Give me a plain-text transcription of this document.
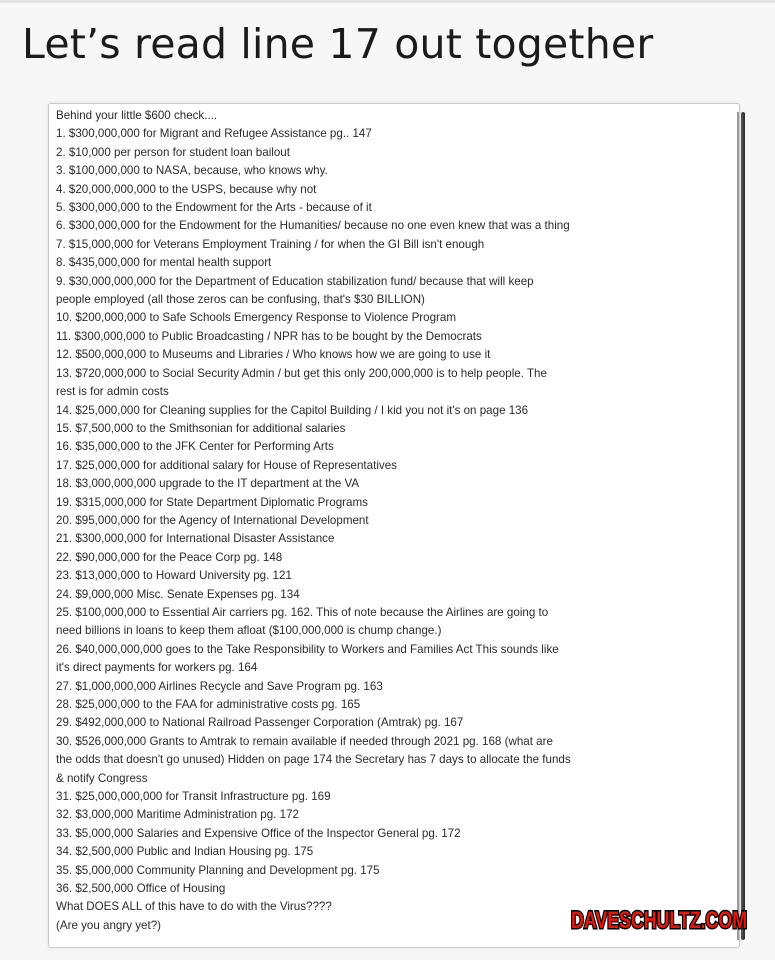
Let’s read line 17 out together
Behind your little $600 check....
1. $300,000,000 for Migrant and Refugee Assistance pg.. 147
2. $10,000 per person for student loan bailout
3. $100,000,000 to NASA, because, who knows why.
4. $20,000,000,000 to the USPS, because why not
5. $300,000,000 to the Endowment for the Arts - because of it
6. $300,000,000 for the Endowment for the Humanities/ because no one even knew that was a thing
7. $15,000,000 for Veterans Employment Training / for when the GI Bill isn't enough
8. $435,000,000 for mental health support
9. $30,000,000,000 for the Department of Education stabilization fund/ because that will keep
people employed (all those zeros can be confusing, that's $30 BILLION)
10. $200,000,000 to Safe Schools Emergency Response to Violence Program
11. $300,000,000 to Public Broadcasting / NPR has to be bought by the Democrats
12. $500,000,000 to Museums and Libraries / Who knows how we are going to use it
13. $720,000,000 to Social Security Admin / but get this only 200,000,000 is to help people. The
rest is for admin costs
14. $25,000,000 for Cleaning supplies for the Capitol Building / I kid you not it's on page 136
15. $7,500,000 to the Smithsonian for additional salaries
16. $35,000,000 to the JFK Center for Performing Arts
17. $25,000,000 for additional salary for House of Representatives
18. $3,000,000,000 upgrade to the IT department at the VA
19. $315,000,000 for State Department Diplomatic Programs
20. $95,000,000 for the Agency of International Development
21. $300,000,000 for International Disaster Assistance
22. $90,000,000 for the Peace Corp pg. 148
23. $13,000,000 to Howard University pg. 121
24. $9,000,000 Misc. Senate Expenses pg. 134
25. $100,000,000 to Essential Air carriers pg. 162. This of note because the Airlines are going to
need billions in loans to keep them afloat ($100,000,000 is chump change.)
26. $40,000,000,000 goes to the Take Responsibility to Workers and Families Act This sounds like
it's direct payments for workers pg. 164
27. $1,000,000,000 Airlines Recycle and Save Program pg. 163
28. $25,000,000 to the FAA for administrative costs pg. 165
29. $492,000,000 to National Railroad Passenger Corporation (Amtrak) pg. 167
30. $526,000,000 Grants to Amtrak to remain available if needed through 2021 pg. 168 (what are
the odds that doesn't go unused) Hidden on page 174 the Secretary has 7 days to allocate the funds
& notify Congress
31. $25,000,000,000 for Transit Infrastructure pg. 169
32. $3,000,000 Maritime Administration pg. 172
33. $5,000,000 Salaries and Expensive Office of the Inspector General pg. 172
34. $2,500,000 Public and Indian Housing pg. 175
35. $5,000,000 Community Planning and Development pg. 175
36. $2,500,000 Office of Housing
What DOES ALL of this have to do with the Virus????
(Are you angry yet?)	DAVESCHULTZ.COM
